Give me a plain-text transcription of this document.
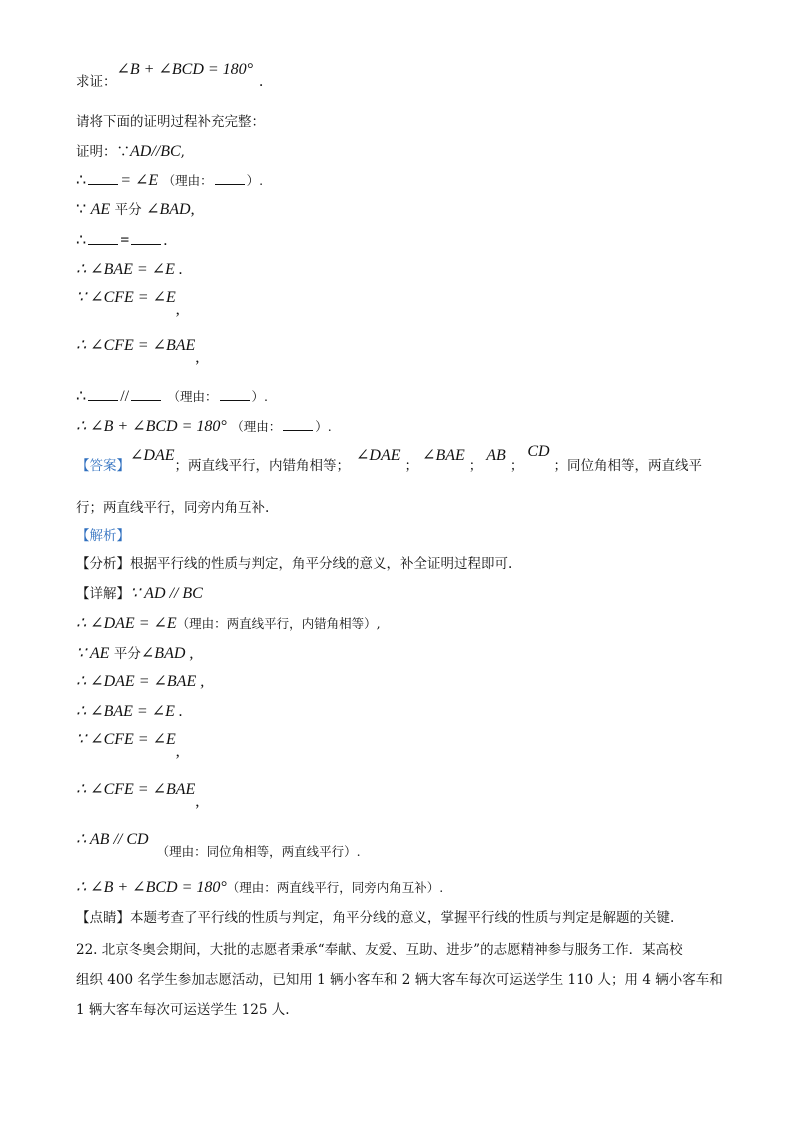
求证：∠B + ∠BCD = 180°.
请将下面的证明过程补充完整：
证明：∵AD//BC,
∴ = ∠E （理由：	）.
∵ AE 平分 ∠BAD,
∴ = .
∴ ∠BAE = ∠E .
∵ ∠CFE = ∠E,
∴ ∠CFE = ∠BAE,
∴ //	（理由：	）.
∴ ∠B + ∠BCD = 180° （理由：	）.
【答案】∠DAE；两直线平行，内错角相等；∠DAE；∠BAE；AB；CD；同位角相等，两直线平
行；两直线平行，同旁内角互补.
【解析】
【分析】根据平行线的性质与判定，角平分线的意义，补全证明过程即可.
【详解】∵ AD // BC
∴ ∠DAE = ∠E（理由：两直线平行，内错角相等）,
∵ AE 平分∠BAD ,
∴ ∠DAE = ∠BAE ,
∴ ∠BAE = ∠E .
∵ ∠CFE = ∠E,
∴ ∠CFE = ∠BAE,
∴ AB // CD（理由：同位角相等，两直线平行）.
∴ ∠B + ∠BCD = 180°（理由：两直线平行，同旁内角互补）.
【点睛】本题考查了平行线的性质与判定，角平分线的意义，掌握平行线的性质与判定是解题的关键.
22. 北京冬奥会期间，大批的志愿者秉承“奉献、友爱、互助、进步”的志愿精神参与服务工作．某高校
组织 400 名学生参加志愿活动，已知用 1 辆小客车和 2 辆大客车每次可运送学生 110 人；用 4 辆小客车和
1 辆大客车每次可运送学生 125 人.
